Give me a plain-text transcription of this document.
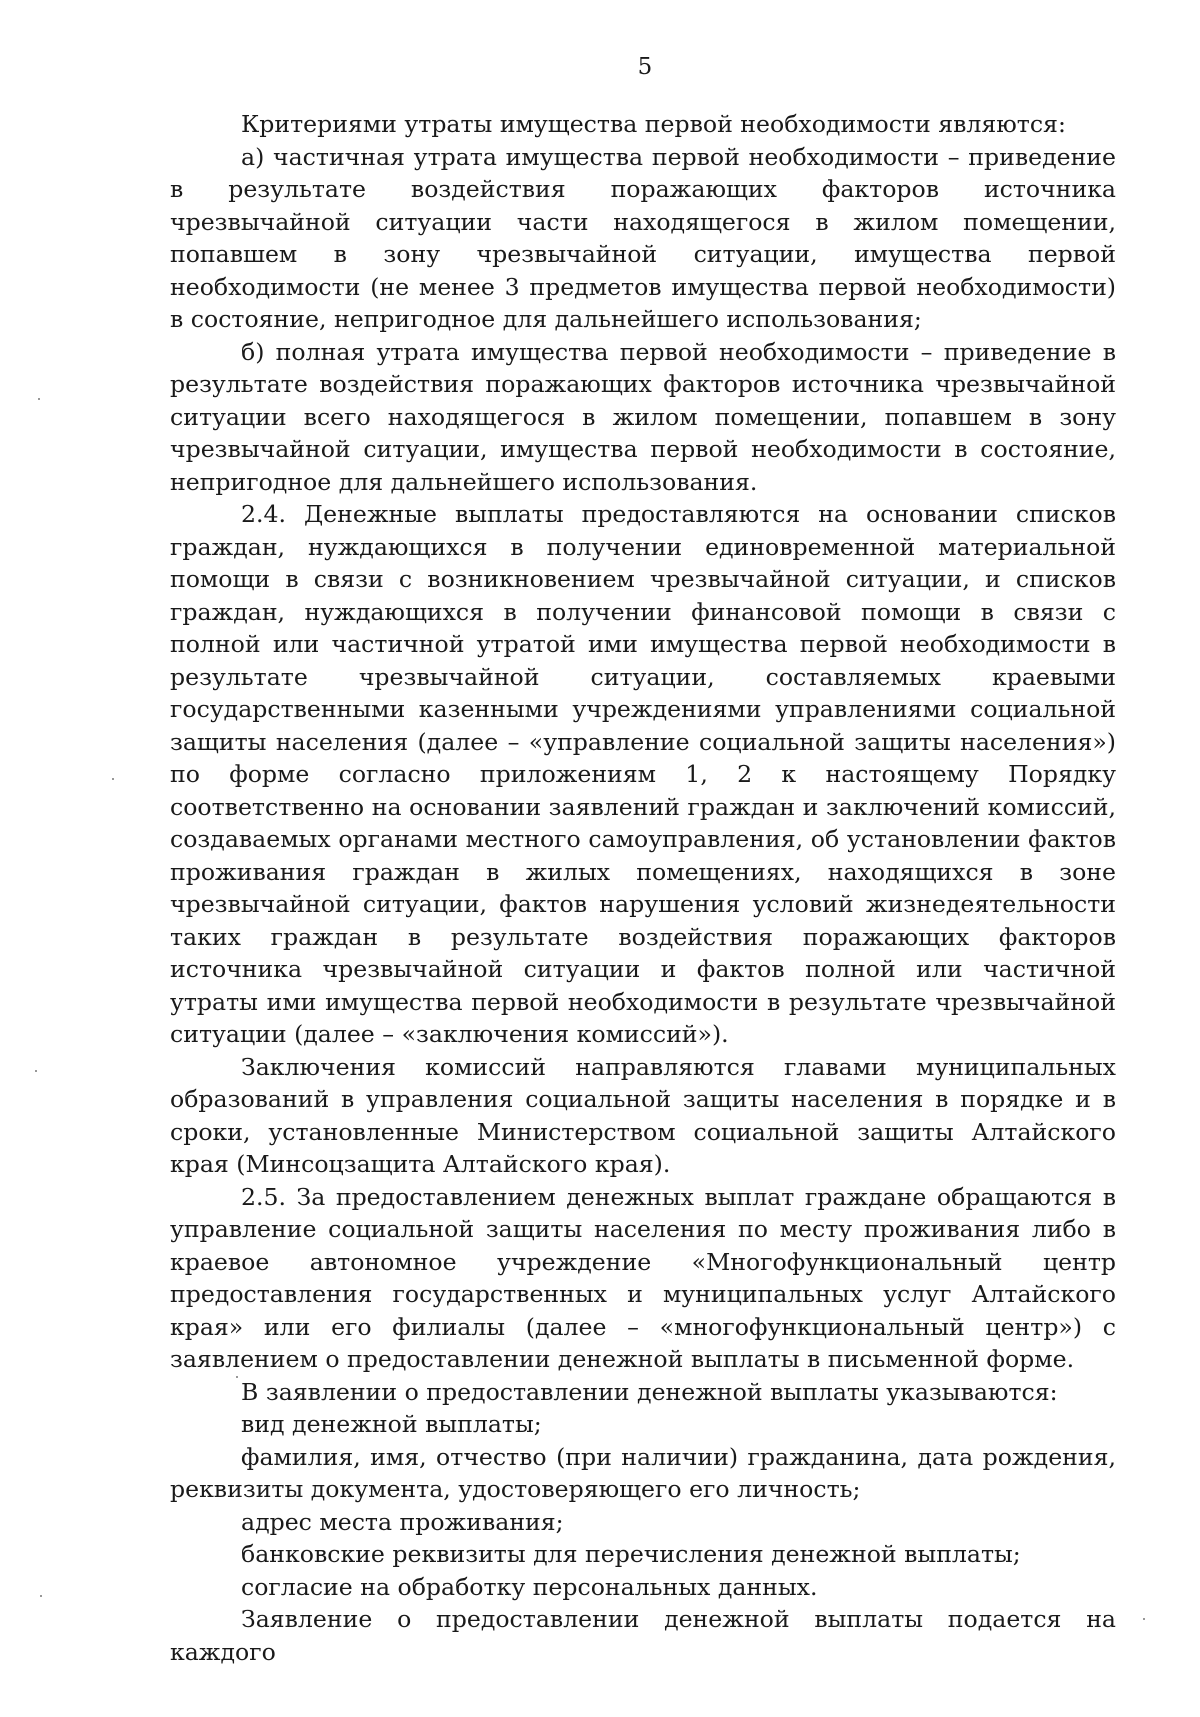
5

Критериями утраты имущества первой необходимости являются:

а) частичная утрата имущества первой необходимости – приведение в результате воздействия поражающих факторов источника чрезвычайной ситуации части находящегося в жилом помещении, попавшем в зону чрезвычайной ситуации, имущества первой необходимости (не менее 3 предметов имущества первой необходимости) в состояние, непригодное для дальнейшего использования;

б) полная утрата имущества первой необходимости – приведение в результате воздействия поражающих факторов источника чрезвычайной ситуации всего находящегося в жилом помещении, попавшем в зону чрезвычайной ситуации, имущества первой необходимости в состояние, непригодное для дальнейшего использования.

2.4. Денежные выплаты предоставляются на основании списков граждан, нуждающихся в получении единовременной материальной помощи в связи с возникновением чрезвычайной ситуации, и списков граждан, нуждающихся в получении финансовой помощи в связи с полной или частичной утратой ими имущества первой необходимости в результате чрезвычайной ситуации, составляемых краевыми государственными казенными учреждениями управлениями социальной защиты населения (далее – «управление социальной защиты населения») по форме согласно приложениям 1, 2 к настоящему Порядку соответственно на основании заявлений граждан и заключений комиссий, создаваемых органами местного самоуправления, об установлении фактов проживания граждан в жилых помещениях, находящихся в зоне чрезвычайной ситуации, фактов нарушения условий жизнедеятельности таких граждан в результате воздействия поражающих факторов источника чрезвычайной ситуации и фактов полной или частичной утраты ими имущества первой необходимости в результате чрезвычайной ситуации (далее – «заключения комиссий»).

Заключения комиссий направляются главами муниципальных образований в управления социальной защиты населения в порядке и в сроки, установленные Министерством социальной защиты Алтайского края (Минсоцзащита Алтайского края).

2.5. За предоставлением денежных выплат граждане обращаются в управление социальной защиты населения по месту проживания либо в краевое автономное учреждение «Многофункциональный центр предоставления государственных и муниципальных услуг Алтайского края» или его филиалы (далее – «многофункциональный центр») с заявлением о предоставлении денежной выплаты в письменной форме.

В заявлении о предоставлении денежной выплаты указываются:

вид денежной выплаты;

фамилия, имя, отчество (при наличии) гражданина, дата рождения, реквизиты документа, удостоверяющего его личность;

адрес места проживания;

банковские реквизиты для перечисления денежной выплаты;

согласие на обработку персональных данных.

Заявление о предоставлении денежной выплаты подается на каждого
